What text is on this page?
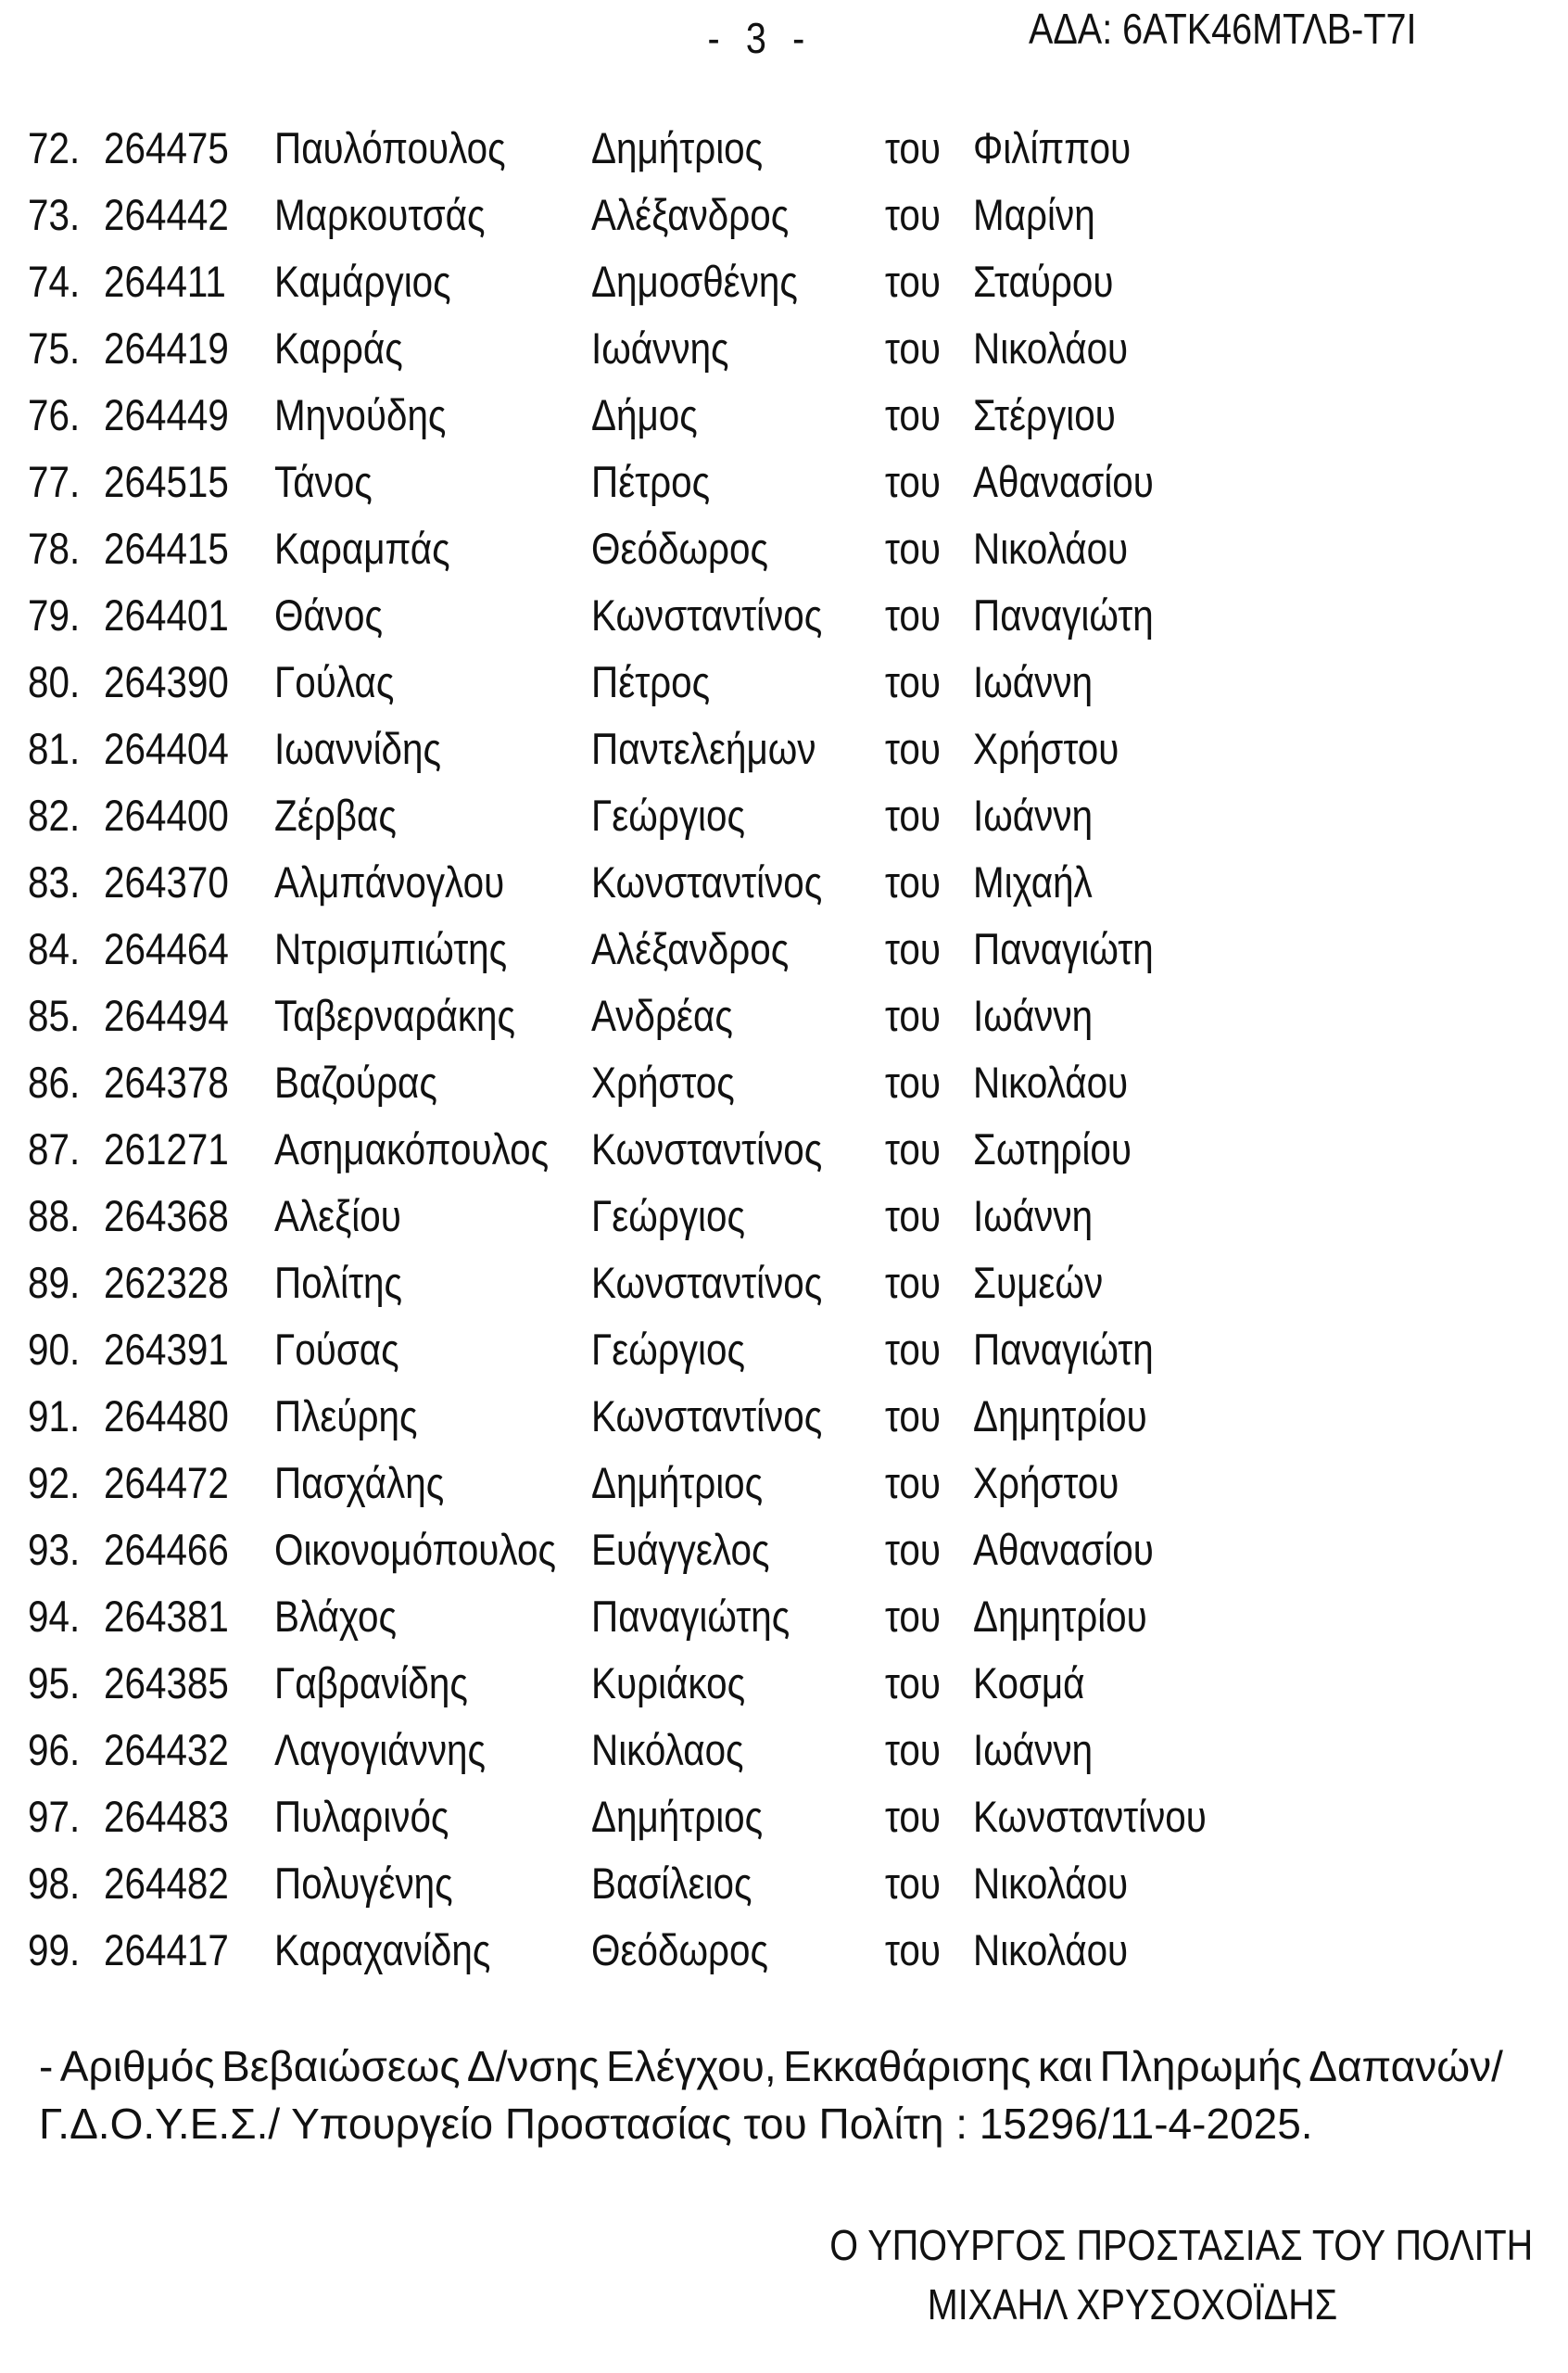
- 3 -	ΑΔΑ: 6ΑΤΚ46ΜΤΛΒ-Τ7Ι
72. 264475 Παυλόπουλος Δημήτριος	του Φιλίππου
73. 264442 Μαρκουτσάς Αλέξανδρος του Μαρίνη
74. 264411 Καμάργιος	Δημοσθένης του Σταύρου
75. 264419 Καρράς	Ιωάννης	του Νικολάου
76. 264449 Μηνούδης	Δήμος	του Στέργιου
77. 264515 Τάνος	Πέτρος	του Αθανασίου
78. 264415 Καραμπάς	Θεόδωρος	του Νικολάου
79. 264401 Θάνος	Κωνσταντίνος του Παναγιώτη
80. 264390 Γούλας	Πέτρος	του Ιωάννη
81. 264404 Ιωαννίδης	Παντελεήμων του Χρήστου
82. 264400 Ζέρβας	Γεώργιος	του Ιωάννη
83. 264370 Αλμπάνογλου Κωνσταντίνος του Μιχαήλ
84. 264464 Ντρισμπιώτης Αλέξανδρος του Παναγιώτη
85. 264494 Ταβερναράκης Ανδρέας	του Ιωάννη
86. 264378 Βαζούρας	Χρήστος	του Νικολάου
87. 261271 Ασημακόπουλος Κωνσταντίνος του Σωτηρίου
88. 264368 Αλεξίου	Γεώργιος	του Ιωάννη
89. 262328 Πολίτης	Κωνσταντίνος του Συμεών
90. 264391 Γούσας	Γεώργιος	του Παναγιώτη
91. 264480 Πλεύρης	Κωνσταντίνος του Δημητρίου
92. 264472 Πασχάλης	Δημήτριος	του Χρήστου
93. 264466 Οικονομόπουλος Ευάγγελος	του Αθανασίου
94. 264381 Βλάχος	Παναγιώτης του Δημητρίου
95. 264385 Γαβρανίδης	Κυριάκος	του Κοσμά
96. 264432 Λαγογιάννης Νικόλαος	του Ιωάννη
97. 264483 Πυλαρινός	Δημήτριος	του Κωνσταντίνου
98. 264482 Πολυγένης	Βασίλειος	του Νικολάου
99. 264417 Καραχανίδης Θεόδωρος	του Νικολάου
- Αριθμός Βεβαιώσεως Δ/νσης Ελέγχου, Εκκαθάρισης και Πληρωμής Δαπανών/
Γ.Δ.Ο.Υ.Ε.Σ./ Υπουργείο Προστασίας του Πολίτη : 15296/11-4-2025.
Ο ΥΠΟΥΡΓΟΣ ΠΡΟΣΤΑΣΙΑΣ ΤΟΥ ΠΟΛΙΤΗ
ΜΙΧΑΗΛ ΧΡΥΣΟΧΟΪΔΗΣ
